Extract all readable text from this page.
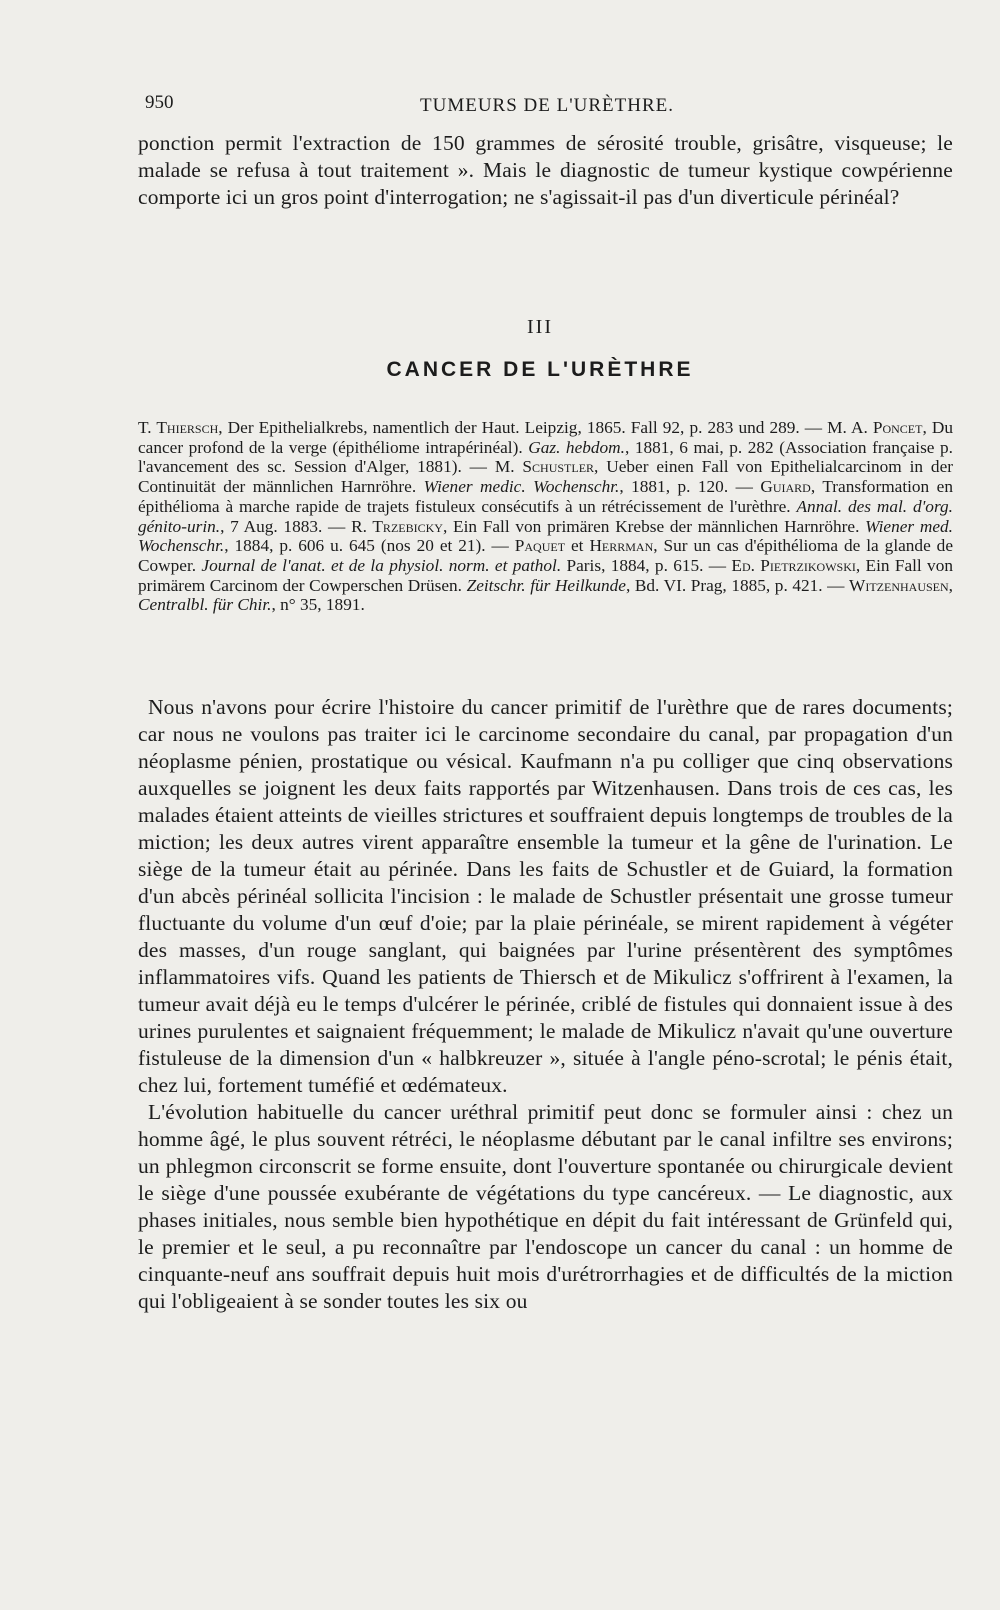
950	TUMEURS DE L'URÈTHRE.
ponction permit l'extraction de 150 grammes de sérosité trouble, grisâtre, visqueuse; le malade se refusa à tout traitement ». Mais le diagnostic de tumeur kystique cowpérienne comporte ici un gros point d'interrogation; ne s'agissait-il pas d'un diverticule périnéal?
III
CANCER DE L'URÈTHRE
T. Thiersch, Der Epithelialkrebs, namentlich der Haut. Leipzig, 1865. Fall 92, p. 283 und 289. — M. A. Poncet, Du cancer profond de la verge (épithéliome intrapérinéal). Gaz. hebdom., 1881, 6 mai, p. 282 (Association française p. l'avancement des sc. Session d'Alger, 1881). — M. Schustler, Ueber einen Fall von Epithelialcarcinom in der Continuität der männlichen Harnröhre. Wiener medic. Wochenschr., 1881, p. 120. — Guiard, Transformation en épithélioma à marche rapide de trajets fistuleux consécutifs à un rétrécissement de l'urèthre. Annal. des mal. d'org. génito-urin., 7 Aug. 1883. — R. Trzebicky, Ein Fall von primären Krebse der männlichen Harnröhre. Wiener med. Wochenschr., 1884, p. 606 u. 645 (nos 20 et 21). — Paquet et Herrman, Sur un cas d'épithélioma de la glande de Cowper. Journal de l'anat. et de la physiol. norm. et pathol. Paris, 1884, p. 615. — Ed. Pietrzikowski, Ein Fall von primärem Carcinom der Cowperschen Drüsen. Zeitschr. für Heilkunde, Bd. VI. Prag, 1885, p. 421. — Witzenhausen, Centralbl. für Chir., n° 35, 1891.

Nous n'avons pour écrire l'histoire du cancer primitif de l'urèthre que de rares documents; car nous ne voulons pas traiter ici le carcinome secondaire du canal, par propagation d'un néoplasme pénien, prostatique ou vésical. Kaufmann n'a pu colliger que cinq observations auxquelles se joignent les deux faits rapportés par Witzenhausen. Dans trois de ces cas, les malades étaient atteints de vieilles strictures et souffraient depuis longtemps de troubles de la miction; les deux autres virent apparaître ensemble la tumeur et la gêne de l'urination. Le siège de la tumeur était au périnée. Dans les faits de Schustler et de Guiard, la formation d'un abcès périnéal sollicita l'incision : le malade de Schustler présentait une grosse tumeur fluctuante du volume d'un œuf d'oie; par la plaie périnéale, se mirent rapidement à végéter des masses, d'un rouge sanglant, qui baignées par l'urine présentèrent des symptômes inflammatoires vifs. Quand les patients de Thiersch et de Mikulicz s'offrirent à l'examen, la tumeur avait déjà eu le temps d'ulcérer le périnée, criblé de fistules qui donnaient issue à des urines purulentes et saignaient fréquemment; le malade de Mikulicz n'avait qu'une ouverture fistuleuse de la dimension d'un « halbkreuzer », située à l'angle péno-scrotal; le pénis était, chez lui, fortement tuméfié et œdémateux.

L'évolution habituelle du cancer uréthral primitif peut donc se formuler ainsi : chez un homme âgé, le plus souvent rétréci, le néoplasme débutant par le canal infiltre ses environs; un phlegmon circonscrit se forme ensuite, dont l'ouverture spontanée ou chirurgicale devient le siège d'une poussée exubérante de végétations du type cancéreux. — Le diagnostic, aux phases initiales, nous semble bien hypothétique en dépit du fait intéressant de Grünfeld qui, le premier et le seul, a pu reconnaître par l'endoscope un cancer du canal : un homme de cinquante-neuf ans souffrait depuis huit mois d'urétrorrhagies et de difficultés de la miction qui l'obligeaient à se sonder toutes les six ou
